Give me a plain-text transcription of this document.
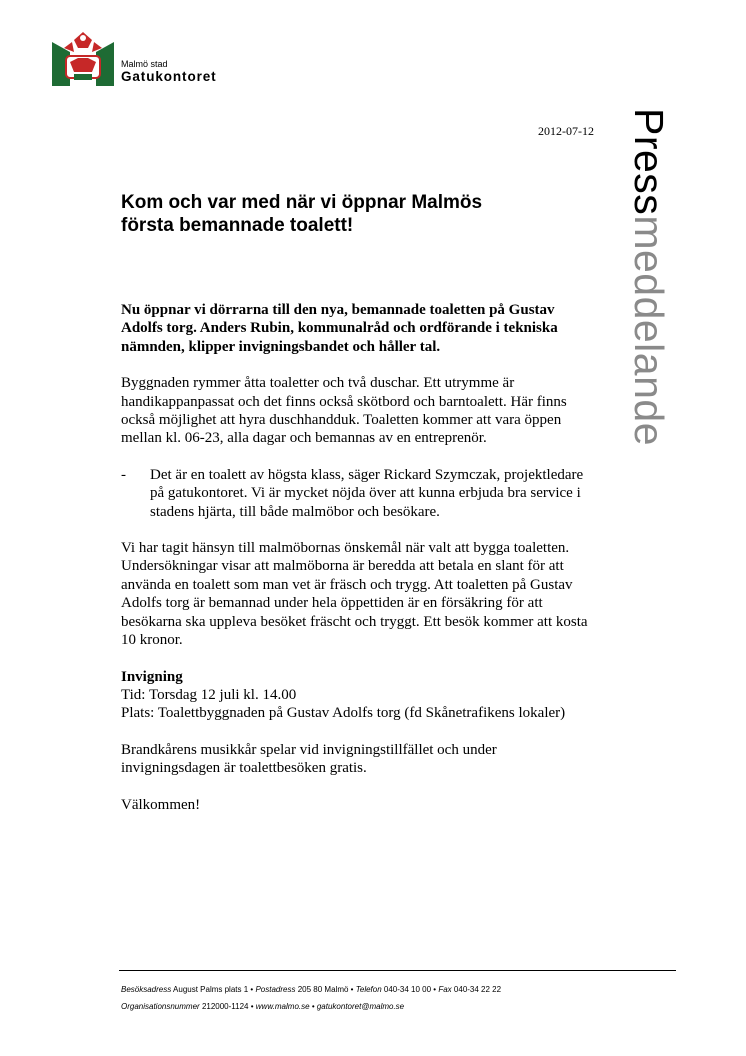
Malmö stad
Gatukontoret
2012-07-12 Pressmeddelande
Kom och var med när vi öppnar Malmös
första bemannade toalett!

Nu öppnar vi dörrarna till den nya, bemannade toaletten på Gustav Adolfs torg. Anders Rubin, kommunalråd och ordförande i tekniska nämnden, klipper invigningsbandet och håller tal.

Byggnaden rymmer åtta toaletter och två duschar. Ett utrymme är handikappanpassat och det finns också skötbord och barntoalett. Här finns också möjlighet att hyra duschhandduk. Toaletten kommer att vara öppen mellan kl. 06-23, alla dagar och bemannas av en entreprenör.

- Det är en toalett av högsta klass, säger Rickard Szymczak, projektledare på gatukontoret. Vi är mycket nöjda över att kunna erbjuda bra service i stadens hjärta, till både malmöbor och besökare.

Vi har tagit hänsyn till malmöbornas önskemål när valt att bygga toaletten. Undersökningar visar att malmöborna är beredda att betala en slant för att använda en toalett som man vet är fräsch och trygg. Att toaletten på Gustav Adolfs torg är bemannad under hela öppettiden är en försäkring för att besökarna ska uppleva besöket fräscht och tryggt. Ett besök kommer att kosta 10 kronor.

Invigning
Tid: Torsdag 12 juli kl. 14.00
Plats: Toalettbyggnaden på Gustav Adolfs torg (fd Skånetrafikens lokaler)

Brandkårens musikkår spelar vid invigningstillfället och under invigningsdagen är toalettbesöken gratis.

Välkommen!

Besöksadress August Palms plats 1 • Postadress 205 80 Malmö • Telefon 040-34 10 00 • Fax 040-34 22 22
Organisationsnummer 212000-1124 • www.malmo.se • gatukontoret@malmo.se
